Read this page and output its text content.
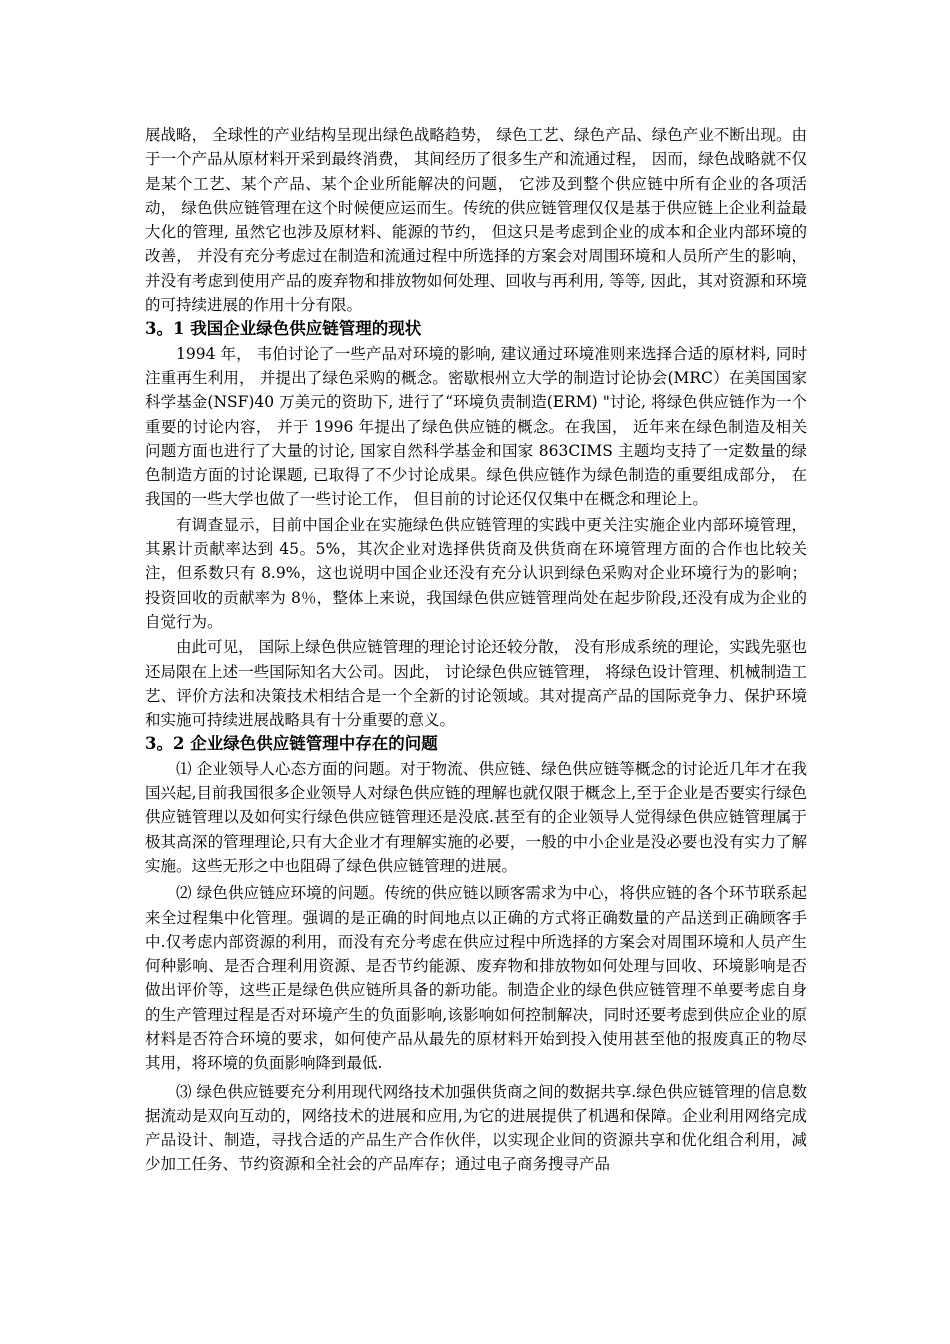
展战略， 全球性的产业结构呈现出绿色战略趋势， 绿色工艺、绿色产品、绿色产业不断出现。由于一个产品从原材料开采到最终消费， 其间经历了很多生产和流通过程， 因而，绿色战略就不仅是某个工艺、某个产品、某个企业所能解决的问题， 它涉及到整个供应链中所有企业的各项活动， 绿色供应链管理在这个时候便应运而生。传统的供应链管理仅仅是基于供应链上企业利益最大化的管理, 虽然它也涉及原材料、能源的节约， 但这只是考虑到企业的成本和企业内部环境的改善， 并没有充分考虑过在制造和流通过程中所选择的方案会对周围环境和人员所产生的影响， 并没有考虑到使用产品的废弃物和排放物如何处理、回收与再利用, 等等, 因此，其对资源和环境的可持续进展的作用十分有限。

3。1 我国企业绿色供应链管理的现状

1994 年， 韦伯讨论了一些产品对环境的影响, 建议通过环境准则来选择合适的原材料, 同时注重再生利用， 并提出了绿色采购的概念。密歇根州立大学的制造讨论协会(MRC）在美国国家科学基金(NSF)40 万美元的资助下, 进行了“环境负责制造(ERM) "讨论, 将绿色供应链作为一个重要的讨论内容， 并于 1996 年提出了绿色供应链的概念。在我国， 近年来在绿色制造及相关问题方面也进行了大量的讨论, 国家自然科学基金和国家 863CIMS 主题均支持了一定数量的绿色制造方面的讨论课题, 已取得了不少讨论成果。绿色供应链作为绿色制造的重要组成部分， 在我国的一些大学也做了一些讨论工作， 但目前的讨论还仅仅集中在概念和理论上。

有调查显示，目前中国企业在实施绿色供应链管理的实践中更关注实施企业内部环境管理，其累计贡献率达到 45。5%，其次企业对选择供货商及供货商在环境管理方面的合作也比较关注，但系数只有 8.9%，这也说明中国企业还没有充分认识到绿色采购对企业环境行为的影响；投资回收的贡献率为 8％，整体上来说，我国绿色供应链管理尚处在起步阶段,还没有成为企业的自觉行为。

由此可见， 国际上绿色供应链管理的理论讨论还较分散， 没有形成系统的理论，实践先驱也还局限在上述一些国际知名大公司。因此， 讨论绿色供应链管理， 将绿色设计管理、机械制造工艺、评价方法和决策技术相结合是一个全新的讨论领域。其对提高产品的国际竞争力、保护环境和实施可持续进展战略具有十分重要的意义。

3。2 企业绿色供应链管理中存在的问题

⑴ 企业领导人心态方面的问题。对于物流、供应链、绿色供应链等概念的讨论近几年才在我国兴起,目前我国很多企业领导人对绿色供应链的理解也就仅限于概念上,至于企业是否要实行绿色供应链管理以及如何实行绿色供应链管理还是没底.甚至有的企业领导人觉得绿色供应链管理属于极其高深的管理理论,只有大企业才有理解实施的必要，一般的中小企业是没必要也没有实力了解实施。这些无形之中也阻碍了绿色供应链管理的进展。

⑵ 绿色供应链应环境的问题。传统的供应链以顾客需求为中心，将供应链的各个环节联系起来全过程集中化管理。强调的是正确的时间地点以正确的方式将正确数量的产品送到正确顾客手中.仅考虑内部资源的利用，而没有充分考虑在供应过程中所选择的方案会对周围环境和人员产生何种影响、是否合理利用资源、是否节约能源、废弃物和排放物如何处理与回收、环境影响是否做出评价等，这些正是绿色供应链所具备的新功能。制造企业的绿色供应链管理不单要考虑自身的生产管理过程是否对环境产生的负面影响,该影响如何控制解决，同时还要考虑到供应企业的原材料是否符合环境的要求，如何使产品从最先的原材料开始到投入使用甚至他的报废真正的物尽其用，将环境的负面影响降到最低.

⑶ 绿色供应链要充分利用现代网络技术加强供货商之间的数据共享.绿色供应链管理的信息数据流动是双向互动的，网络技术的进展和应用,为它的进展提供了机遇和保障。企业利用网络完成产品设计、制造，寻找合适的产品生产合作伙伴，以实现企业间的资源共享和优化组合利用，减少加工任务、节约资源和全社会的产品库存；通过电子商务搜寻产品
